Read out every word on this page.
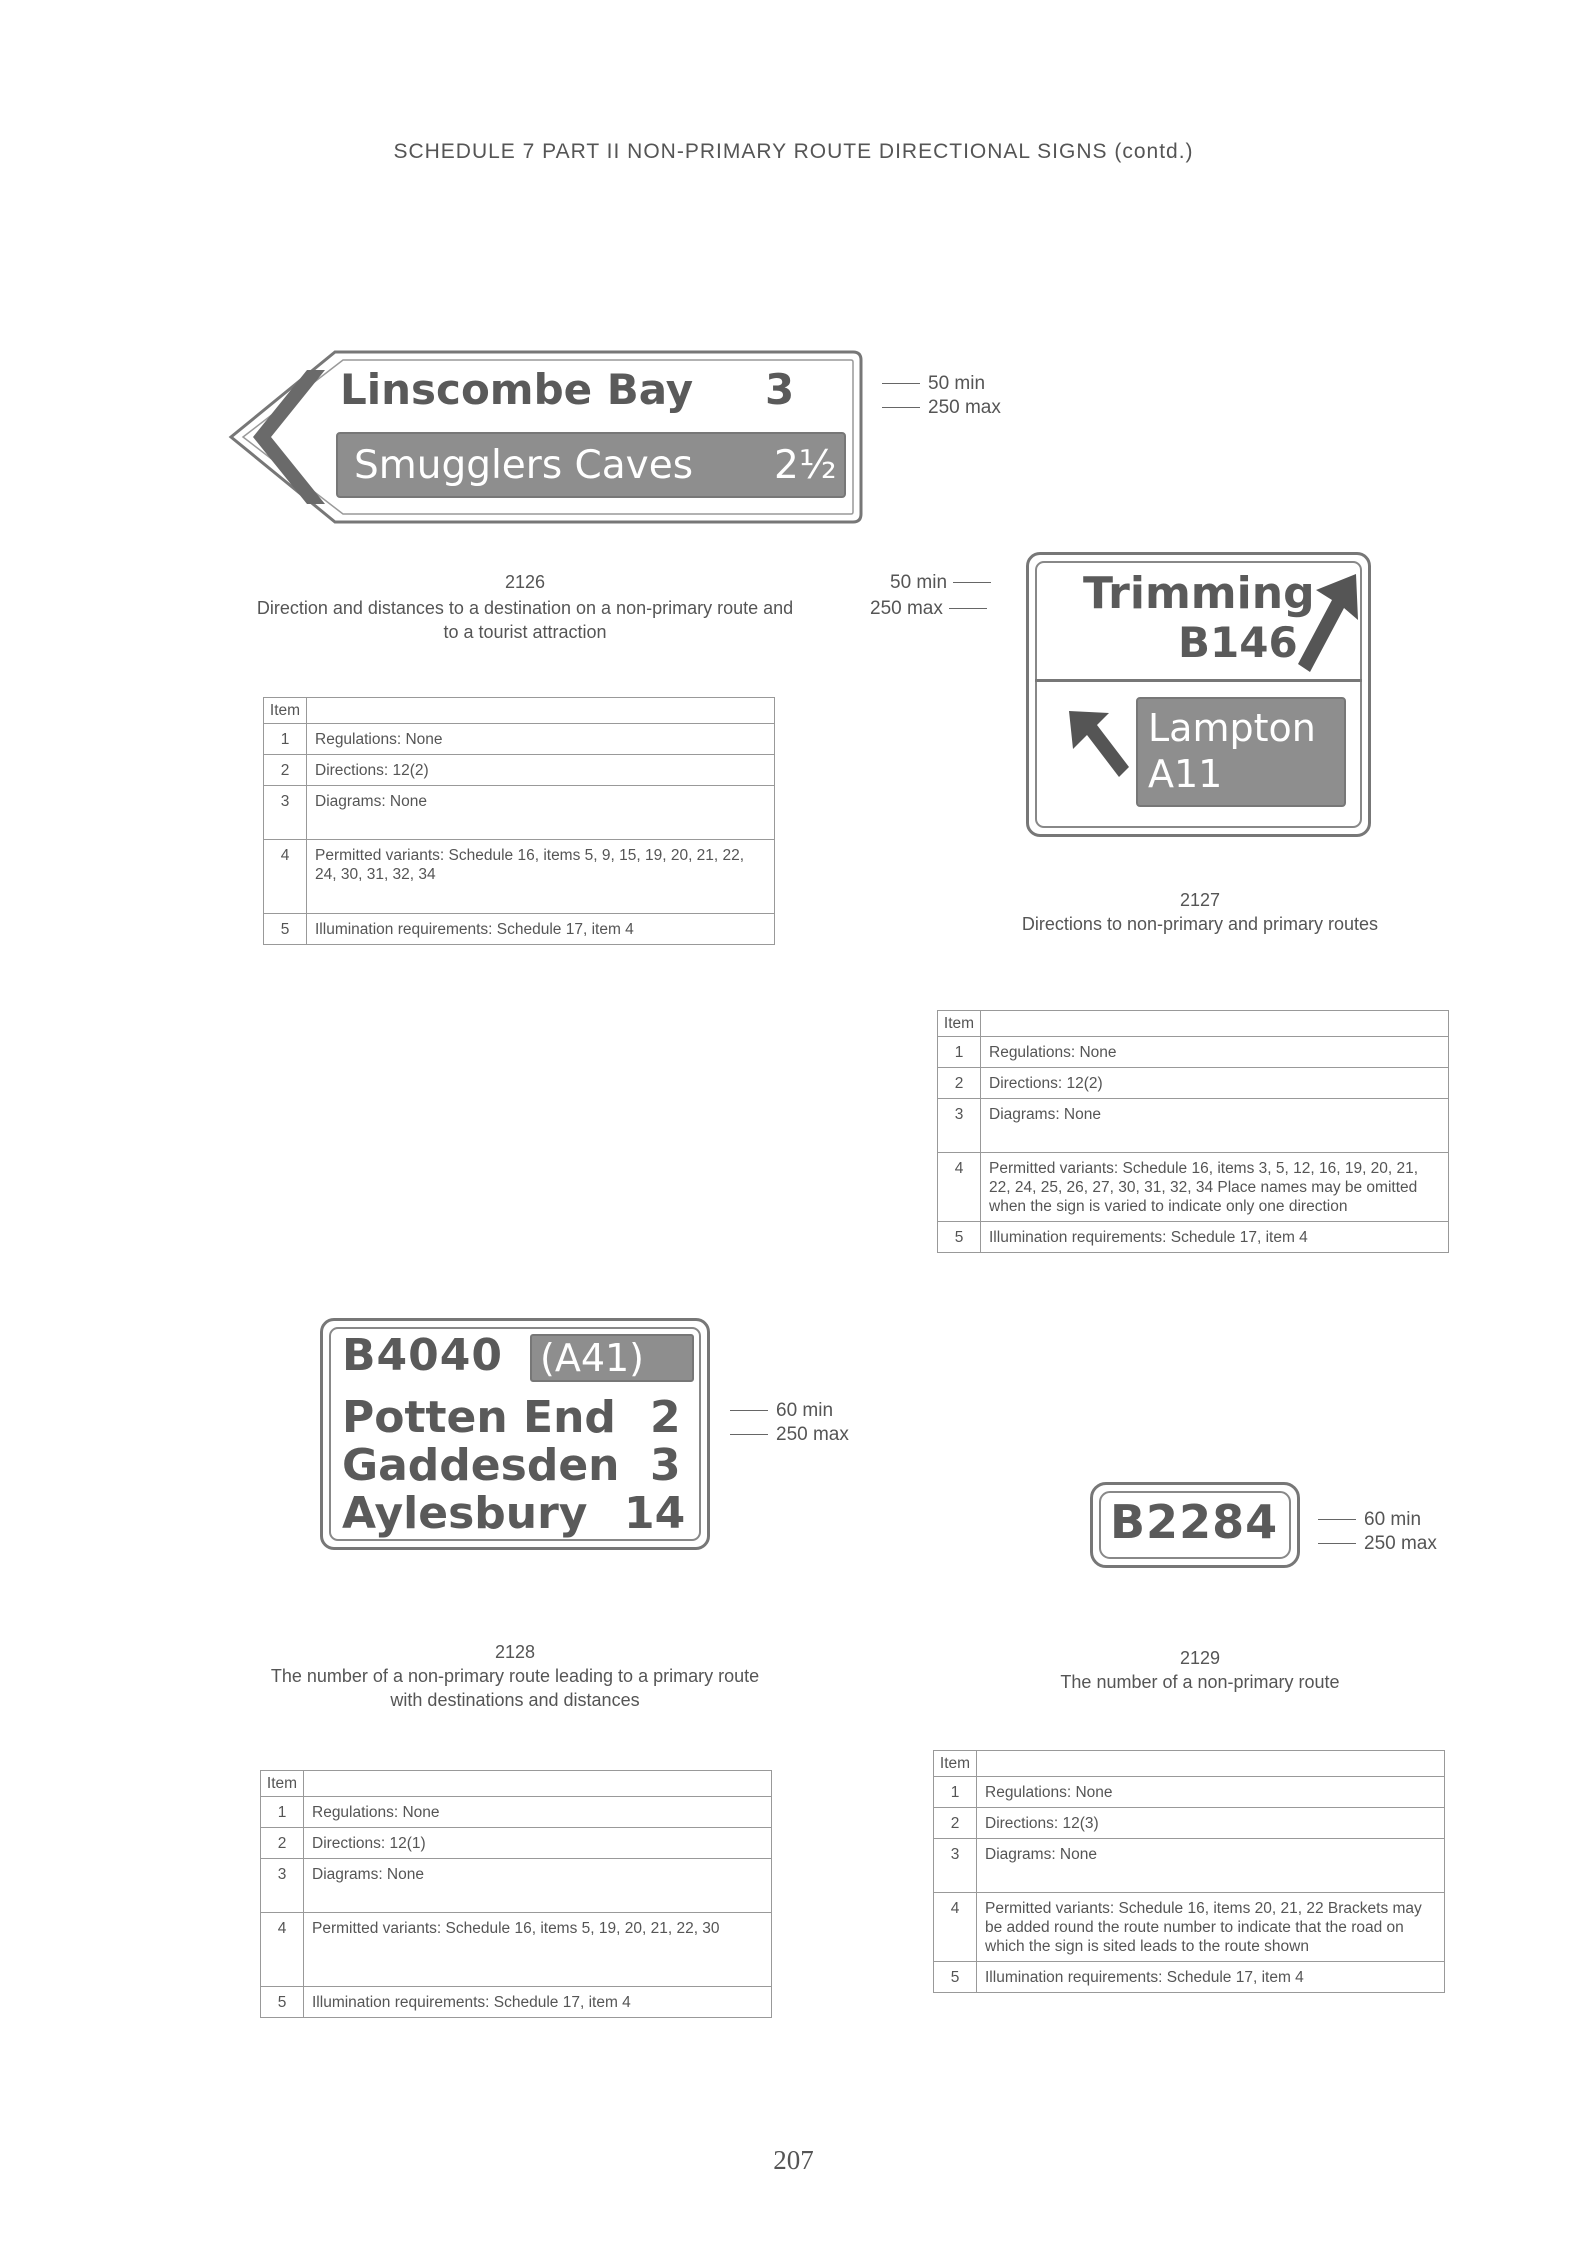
SCHEDULE 7 PART II NON-PRIMARY ROUTE DIRECTIONAL SIGNS (contd.)
Linscombe Bay 3
Smugglers Caves 2½
50 min
250 max
2126
Direction and distances to a destination on a non-primary route and to a tourist attraction
Item	
1	Regulations: None
2	Directions: 12(2)
3	Diagrams: None
4	Permitted variants: Schedule 16, items 5, 9, 15, 19, 20, 21, 22, 24, 30, 31, 32, 34
5	Illumination requirements: Schedule 17, item 4
Trimming
B146
Lampton
A11
50 min
250 max
2127
Directions to non-primary and primary routes
Item	
1	Regulations: None
2	Directions: 12(2)
3	Diagrams: None
4	Permitted variants: Schedule 16, items 3, 5, 12, 16, 19, 20, 21, 22, 24, 25, 26, 27, 30, 31, 32, 34 Place names may be omitted when the sign is varied to indicate only one direction
5	Illumination requirements: Schedule 17, item 4
B4040 (A41)
Potten End 2
Gaddesden 3
Aylesbury 14
60 min
250 max
2128
The number of a non-primary route leading to a primary route with destinations and distances
Item	
1	Regulations: None
2	Directions: 12(1)
3	Diagrams: None
4	Permitted variants: Schedule 16, items 5, 19, 20, 21, 22, 30
5	Illumination requirements: Schedule 17, item 4
B2284	60 min
250 max
2129
The number of a non-primary route
Item	
1	Regulations: None
2	Directions: 12(3)
3	Diagrams: None
4	Permitted variants: Schedule 16, items 20, 21, 22 Brackets may be added round the route number to indicate that the road on which the sign is sited leads to the route shown
5	Illumination requirements: Schedule 17, item 4
207
